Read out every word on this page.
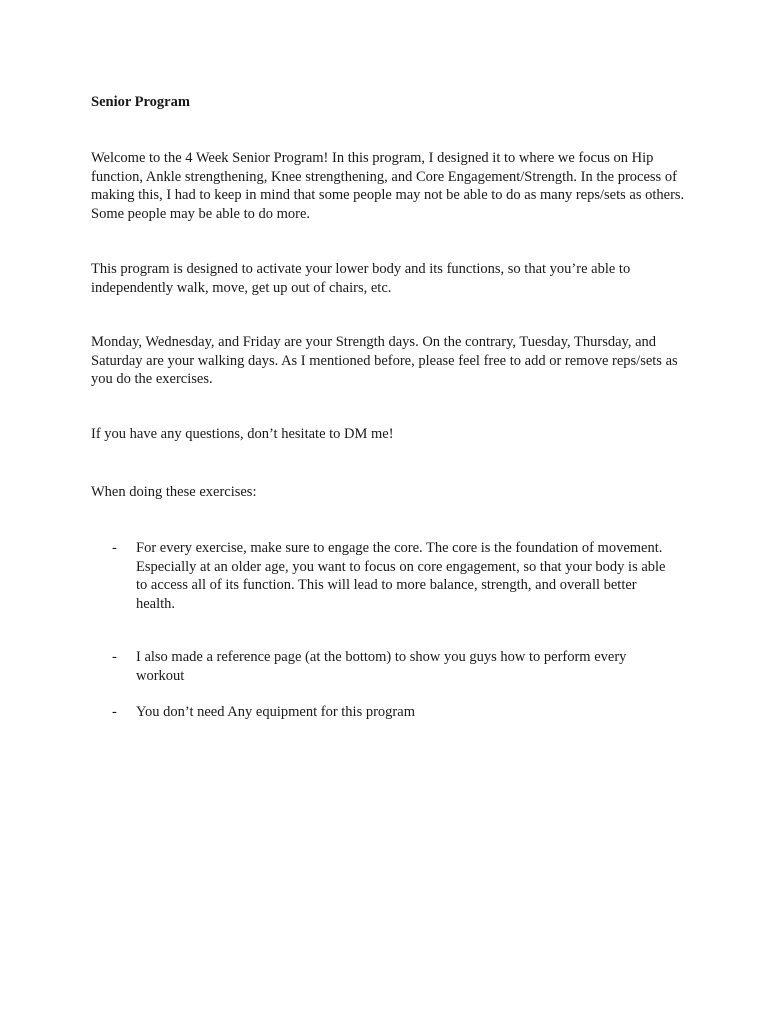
Senior Program

Welcome to the 4 Week Senior Program! In this program, I designed it to where we focus on Hip function, Ankle strengthening, Knee strengthening, and Core Engagement/Strength. In the process of making this, I had to keep in mind that some people may not be able to do as many reps/sets as others. Some people may be able to do more.

This program is designed to activate your lower body and its functions, so that you’re able to independently walk, move, get up out of chairs, etc.

Monday, Wednesday, and Friday are your Strength days. On the contrary, Tuesday, Thursday, and Saturday are your walking days. As I mentioned before, please feel free to add or remove reps/sets as you do the exercises.

If you have any questions, don’t hesitate to DM me!

When doing these exercises:

- For every exercise, make sure to engage the core. The core is the foundation of movement. Especially at an older age, you want to focus on core engagement, so that your body is able to access all of its function. This will lead to more balance, strength, and overall better health.
- I also made a reference page (at the bottom) to show you guys how to perform every workout
- You don’t need Any equipment for this program
